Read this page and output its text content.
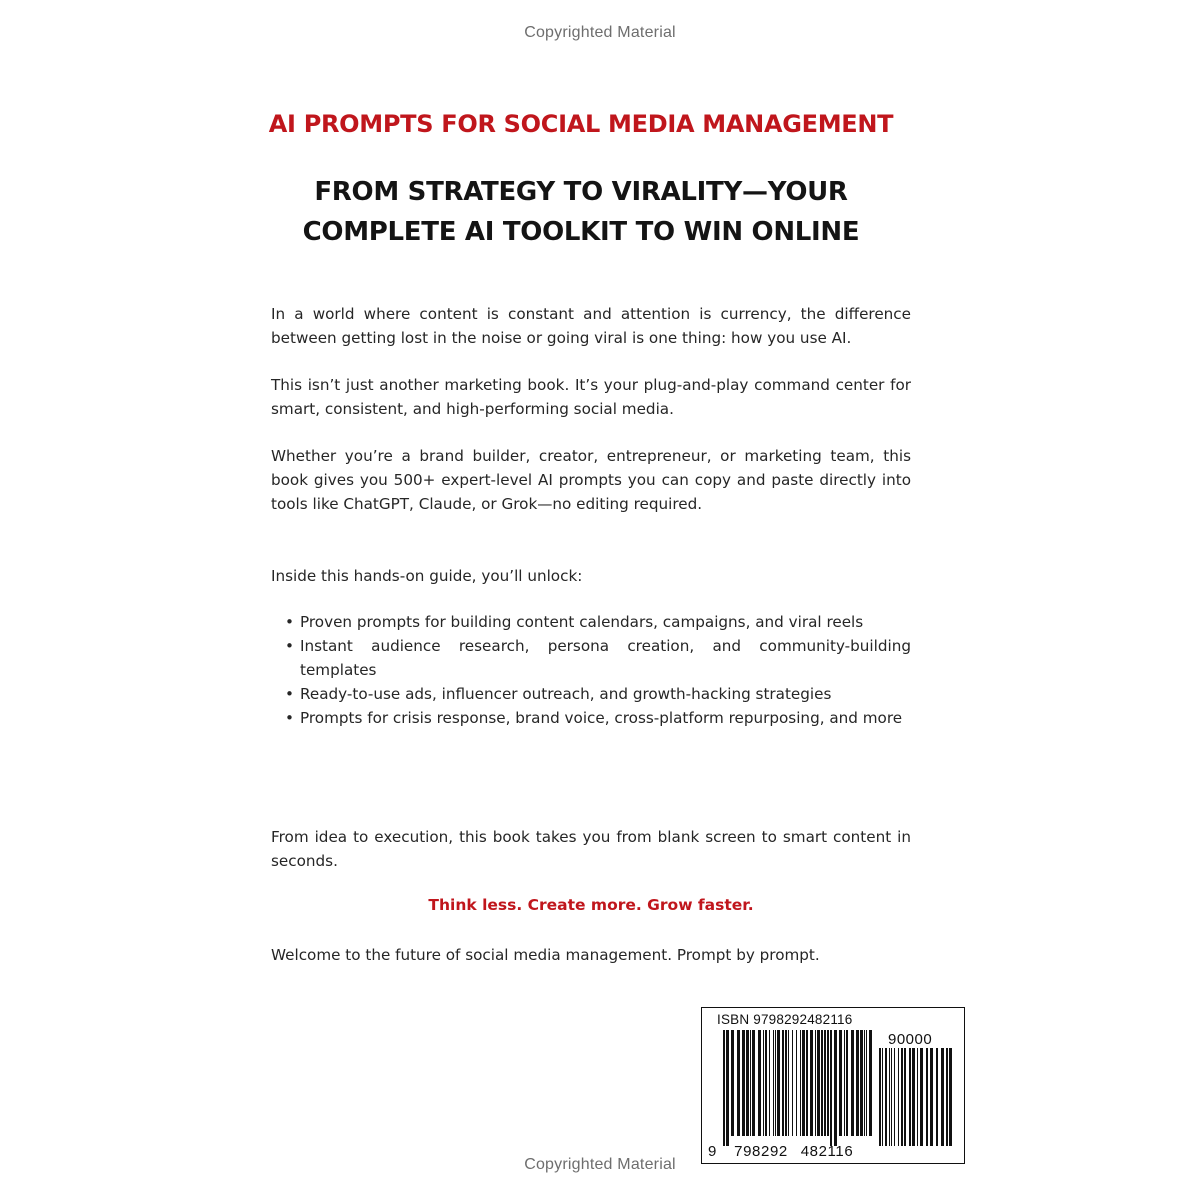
Copyrighted Material
AI PROMPTS FOR SOCIAL MEDIA MANAGEMENT
FROM STRATEGY TO VIRALITY—YOUR
COMPLETE AI TOOLKIT TO WIN ONLINE

In a world where content is constant and attention is currency, the difference between getting lost in the noise or going viral is one thing: how you use AI.

This isn’t just another marketing book. It’s your plug-and-play command center for smart, consistent, and high-performing social media.

Whether you’re a brand builder, creator, entrepreneur, or marketing team, this book gives you 500+ expert-level AI prompts you can copy and paste directly into tools like ChatGPT, Claude, or Grok—no editing required.

Inside this hands-on guide, you’ll unlock:

• Proven prompts for building content calendars, campaigns, and viral reels
• Instant audience research, persona creation, and community-building templates
• Ready-to-use ads, influencer outreach, and growth-hacking strategies
• Prompts for crisis response, brand voice, cross-platform repurposing, and more

From idea to execution, this book takes you from blank screen to smart content in seconds.

Think less. Create more. Grow faster.

Welcome to the future of social media management. Prompt by prompt.

ISBN 9798292482116
90000
9 798292 482116
Copyrighted Material
